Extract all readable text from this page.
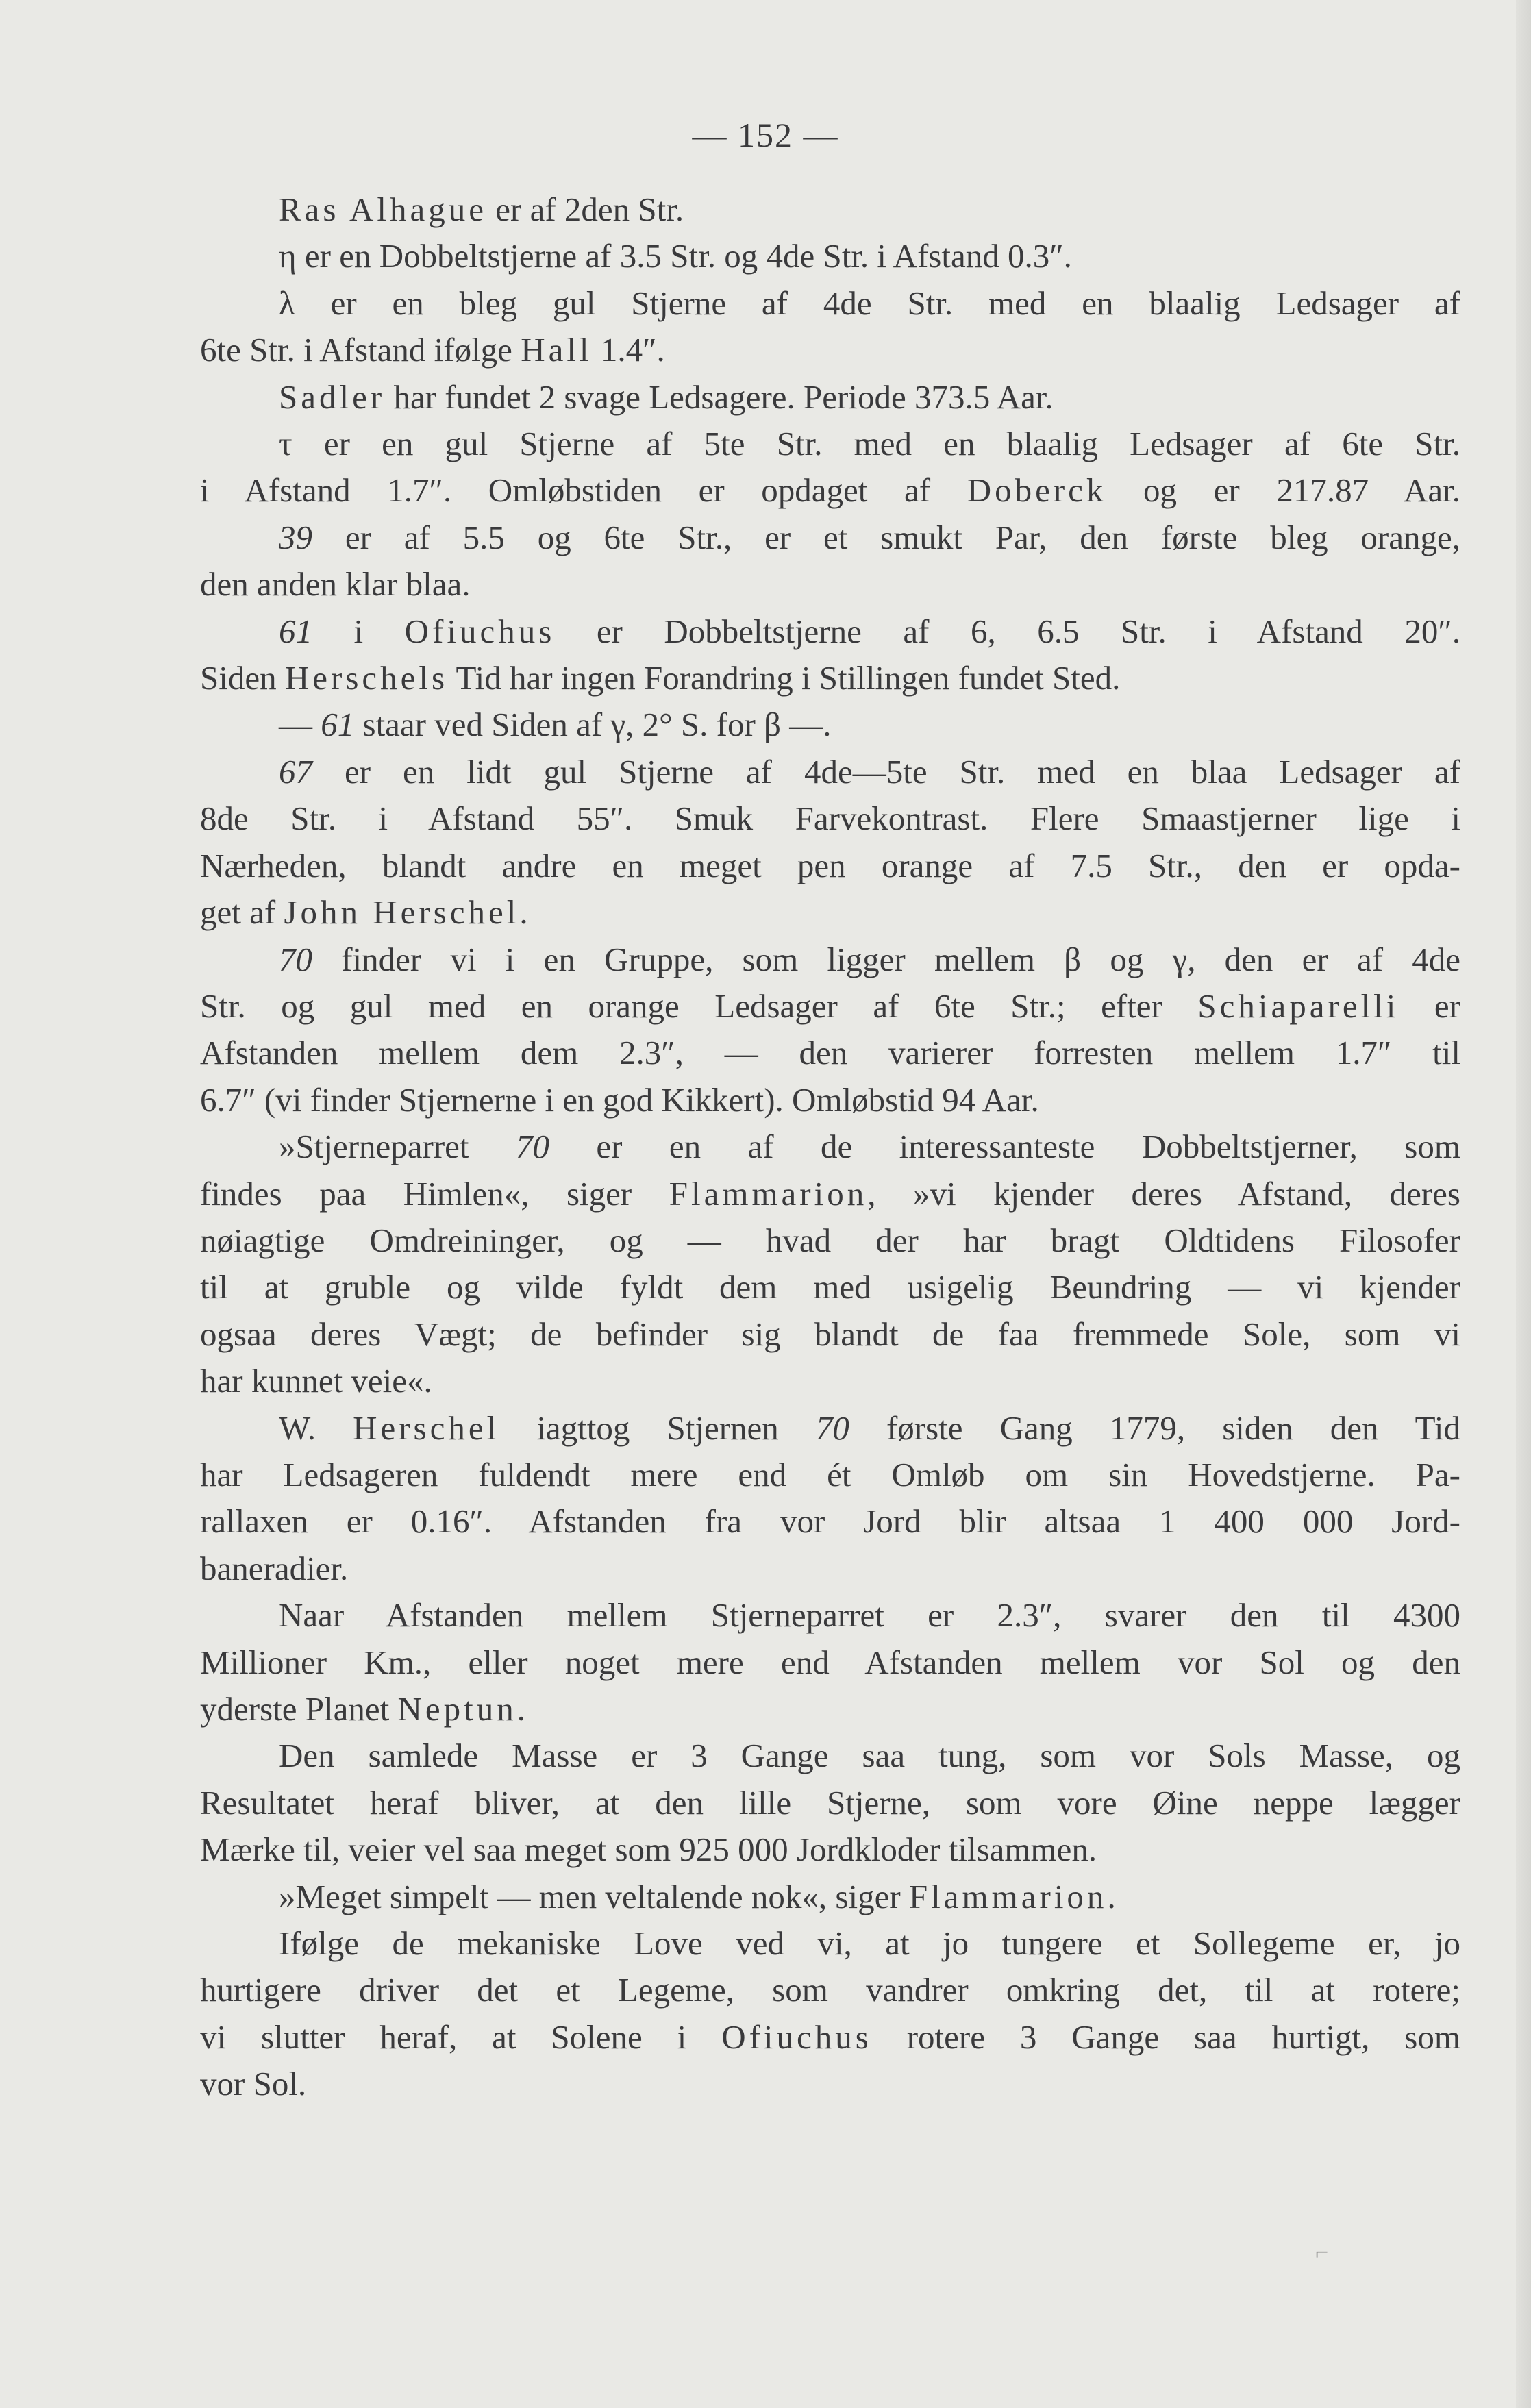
— 152 —
Ras Alhague er af 2den Str.
η er en Dobbeltstjerne af 3.5 Str. og 4de Str. i Afstand 0.3″.
λ er en bleg gul Stjerne af 4de Str. med en blaalig Ledsager af
6te Str. i Afstand ifølge Hall 1.4″.
Sadler har fundet 2 svage Ledsagere. Periode 373.5 Aar.
τ er en gul Stjerne af 5te Str. med en blaalig Ledsager af 6te Str.
i Afstand 1.7″. Omløbstiden er opdaget af Doberck og er 217.87 Aar.
39 er af 5.5 og 6te Str., er et smukt Par, den første bleg orange,
den anden klar blaa.
61 i Ofiuchus er Dobbeltstjerne af 6, 6.5 Str. i Afstand 20″.
Siden Herschels Tid har ingen Forandring i Stillingen fundet Sted.
— 61 staar ved Siden af γ, 2° S. for β —.
67 er en lidt gul Stjerne af 4de—5te Str. med en blaa Ledsager af
8de Str. i Afstand 55″. Smuk Farvekontrast. Flere Smaastjerner lige i
Nærheden, blandt andre en meget pen orange af 7.5 Str., den er opda-
get af John Herschel.
70 finder vi i en Gruppe, som ligger mellem β og γ, den er af 4de
Str. og gul med en orange Ledsager af 6te Str.; efter Schiaparelli er
Afstanden mellem dem 2.3″, — den varierer forresten mellem 1.7″ til
6.7″ (vi finder Stjernerne i en god Kikkert). Omløbstid 94 Aar.
»Stjerneparret 70 er en af de interessanteste Dobbeltstjerner, som
findes paa Himlen«, siger Flammarion, »vi kjender deres Afstand, deres
nøiagtige Omdreininger, og — hvad der har bragt Oldtidens Filosofer
til at gruble og vilde fyldt dem med usigelig Beundring — vi kjender
ogsaa deres Vægt; de befinder sig blandt de faa fremmede Sole, som vi
har kunnet veie«.
W. Herschel iagttog Stjernen 70 første Gang 1779, siden den Tid
har Ledsageren fuldendt mere end ét Omløb om sin Hovedstjerne. Pa-
rallaxen er 0.16″. Afstanden fra vor Jord blir altsaa 1 400 000 Jord-
baneradier.
Naar Afstanden mellem Stjerneparret er 2.3″, svarer den til 4300
Millioner Km., eller noget mere end Afstanden mellem vor Sol og den
yderste Planet Neptun.
Den samlede Masse er 3 Gange saa tung, som vor Sols Masse, og
Resultatet heraf bliver, at den lille Stjerne, som vore Øine neppe lægger
Mærke til, veier vel saa meget som 925 000 Jordkloder tilsammen.
»Meget simpelt — men veltalende nok«, siger Flammarion.
Ifølge de mekaniske Love ved vi, at jo tungere et Sollegeme er, jo
hurtigere driver det et Legeme, som vandrer omkring det, til at rotere;
vi slutter heraf, at Solene i Ofiuchus rotere 3 Gange saa hurtigt, som
vor Sol.
⌐
